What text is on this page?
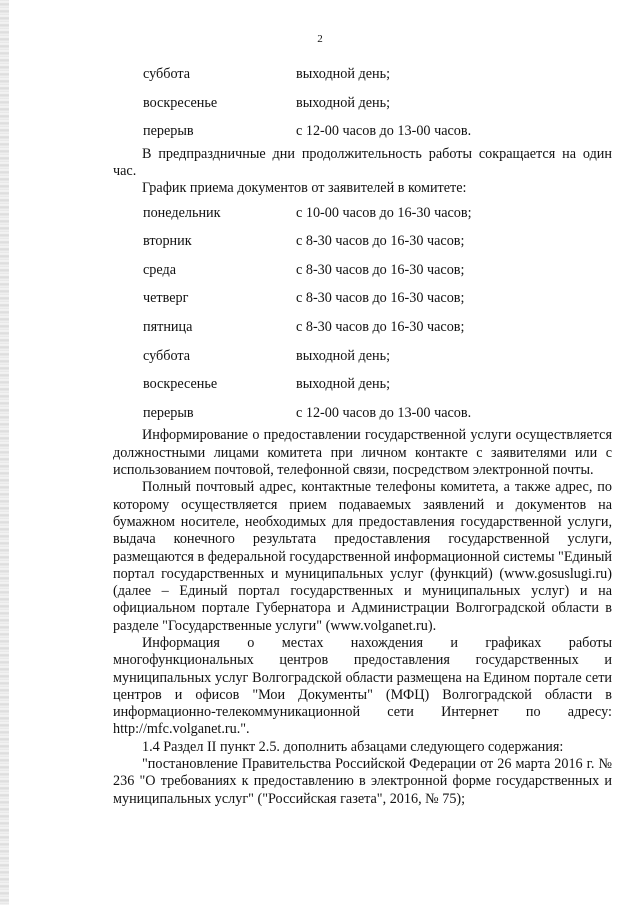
2
суббота	выходной день;
воскресенье	выходной день;
перерыв	с 12-00 часов до 13-00 часов.

В предпраздничные дни продолжительность работы сокращается на один час.

График приема документов от заявителей в комитете:

понедельник	с 10-00 часов до 16-30 часов;
вторник	с 8-30 часов до 16-30 часов;
среда	с 8-30 часов до 16-30 часов;
четверг	с 8-30 часов до 16-30 часов;
пятница	с 8-30 часов до 16-30 часов;
суббота	выходной день;
воскресенье	выходной день;
перерыв	с 12-00 часов до 13-00 часов.

Информирование о предоставлении государственной услуги осуществляется должностными лицами комитета при личном контакте с заявителями или с использованием почтовой, телефонной связи, посредством электронной почты.

Полный почтовый адрес, контактные телефоны комитета, а также адрес, по которому осуществляется прием подаваемых заявлений и документов на бумажном носителе, необходимых для предоставления государственной услуги, выдача конечного результата предоставления государственной услуги, размещаются в федеральной государственной информационной системы "Единый портал государственных и муниципальных услуг (функций) (www.gosuslugi.ru) (далее – Единый портал государственных и муниципальных услуг) и на официальном портале Губернатора и Администрации Волгоградской области в разделе "Государственные услуги" (www.volganet.ru).

Информация о местах нахождения и графиках работы многофункциональных центров предоставления государственных и муниципальных услуг Волгоградской области размещена на Едином портале сети центров и офисов "Мои Документы" (МФЦ) Волгоградской области в информационно-телекоммуникационной сети Интернет по адресу: http://mfc.volganet.ru.".

1.4 Раздел II пункт 2.5. дополнить абзацами следующего содержания:

"постановление Правительства Российской Федерации от 26 марта 2016 г. № 236 "О требованиях к предоставлению в электронной форме государственных и муниципальных услуг" ("Российская газета", 2016, № 75);
